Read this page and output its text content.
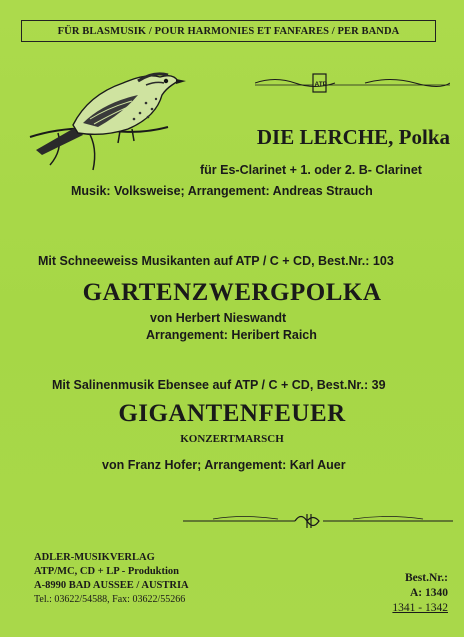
FÜR BLASMUSIK / POUR HARMONIES ET FANFARES / PER BANDA
ATP
DIE LERCHE, Polka
für Es-Clarinet + 1. oder 2. B- Clarinet
Musik: Volksweise; Arrangement: Andreas Strauch
Mit Schneeweiss Musikanten auf ATP / C + CD, Best.Nr.: 103
GARTENZWERGPOLKA
von Herbert Nieswandt
Arrangement: Heribert Raich
Mit Salinenmusik Ebensee auf ATP / C + CD, Best.Nr.: 39
GIGANTENFEUER
KONZERTMARSCH
von Franz Hofer; Arrangement: Karl Auer
ADLER-MUSIKVERLAG
ATP/MC, CD + LP - Produktion
A-8990 BAD AUSSEE / AUSTRIA
Tel.: 03622/54588, Fax: 03622/55266
Best.Nr.:
A: 1340
1341 - 1342
